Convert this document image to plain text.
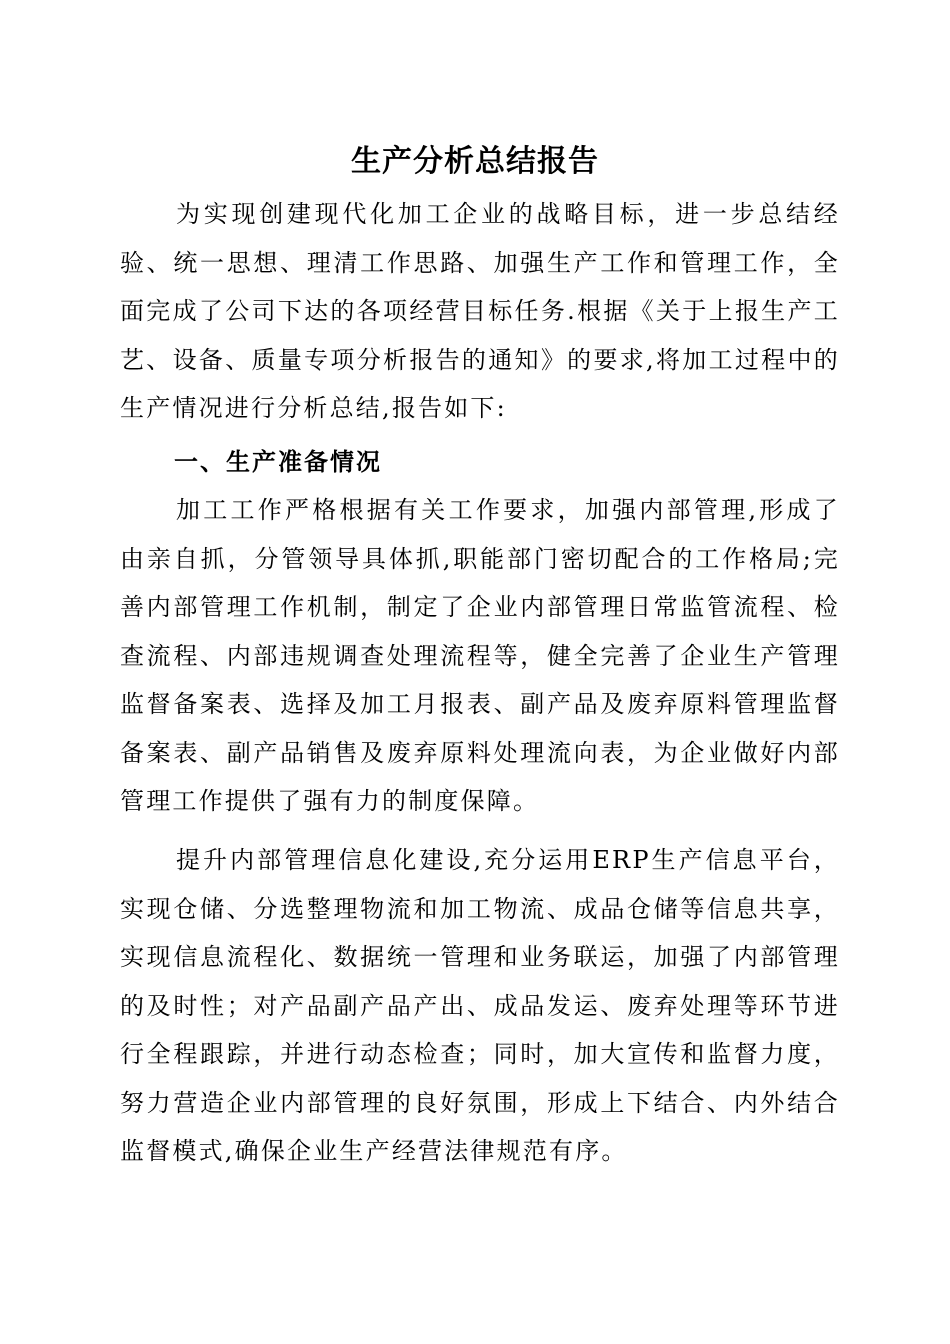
生产分析总结报告

为实现创建现代化加工企业的战略目标，进一步总结经验、统一思想、理清工作思路、加强生产工作和管理工作，全面完成了公司下达的各项经营目标任务.根据《关于上报生产工艺、设备、质量专项分析报告的通知》的要求,将加工过程中的生产情况进行分析总结,报告如下:

一、生产准备情况

加工工作严格根据有关工作要求，加强内部管理,形成了由亲自抓，分管领导具体抓,职能部门密切配合的工作格局;完善内部管理工作机制，制定了企业内部管理日常监管流程、检查流程、内部违规调查处理流程等，健全完善了企业生产管理监督备案表、选择及加工月报表、副产品及废弃原料管理监督备案表、副产品销售及废弃原料处理流向表，为企业做好内部管理工作提供了强有力的制度保障。

提升内部管理信息化建设,充分运用ERP生产信息平台，实现仓储、分选整理物流和加工物流、成品仓储等信息共享，实现信息流程化、数据统一管理和业务联运，加强了内部管理的及时性；对产品副产品产出、成品发运、废弃处理等环节进行全程跟踪，并进行动态检查；同时，加大宣传和监督力度，努力营造企业内部管理的良好氛围，形成上下结合、内外结合监督模式,确保企业生产经营法律规范有序。
